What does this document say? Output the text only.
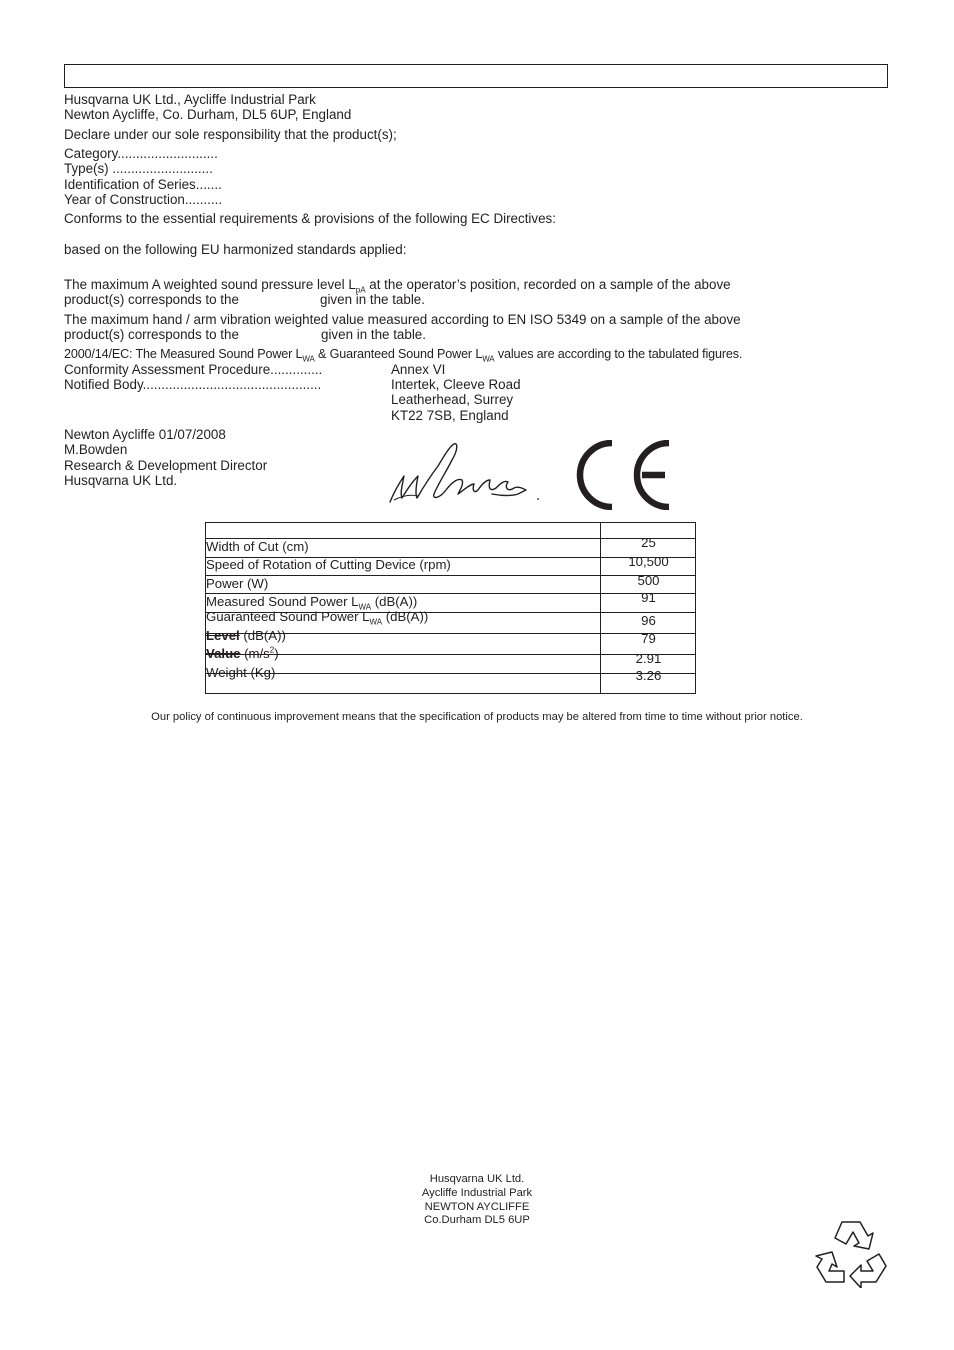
Husqvarna UK Ltd., Aycliffe Industrial Park
Newton Aycliffe, Co. Durham, DL5 6UP, England
Declare under our sole responsibility that the product(s);
Category...........................
Type(s) ...........................
Identification of Series.......
Year of Construction..........
Conforms to the essential requirements & provisions of the following EC Directives:
based on the following EU harmonized standards applied:
The maximum A weighted sound pressure level $L_{pA}$ at the operator’s position, recorded on a sample of the above
product(s) corresponds to the	given in the table.
The maximum hand / arm vibration weighted value measured according to EN ISO 5349 on a sample of the above
product(s) corresponds to the	given in the table.
2000/14/EC: The Measured Sound Power $L_{WA}$ & Guaranteed Sound Power $L_{WA}$ values are according to the tabulated figures.
Conformity Assessment Procedure..............	Annex VI
Notified Body................................................	Intertek, Cleeve Road
Leatherhead, Surrey
KT22 7SB, England
Newton Aycliffe 01/07/2008
M.Bowden
Research & Development Director
Husqvarna UK Ltd.
Width of Cut (cm)	25
Speed of Rotation of Cutting Device (rpm)	10,500
Power (W)	500
Measured Sound Power $L_{WA}$ (dB(A))	91
Guaranteed Sound Power $L_{WA}$ (dB(A))	96
Level (dB(A))	79
Value $(m/s^2)$	2.91
Weight (Kg)	3.26
Our policy of continuous improvement means that the specification of products may be altered from time to time without prior notice.
Husqvarna UK Ltd.
Aycliffe Industrial Park
NEWTON AYCLIFFE
Co.Durham DL5 6UP
